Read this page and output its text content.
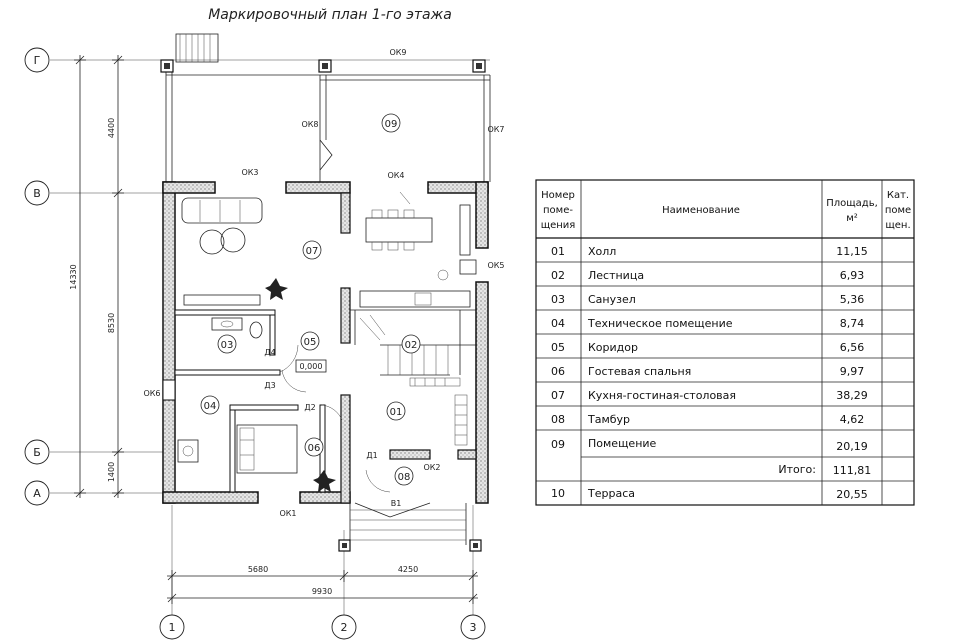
Маркировочный план 1-го этажа
Г
В
Б
А
1	2	3
4400
14330
8530
1400
5680	4250
9930
0,000
ОК9
ОК8
ОК7
ОК3	ОК4
ОК5
ОК6
ОК2
ОК1
Д1
Д2
Д3
Д4
В1
01
02
03
04
05
06
07
08
09
Номер
поме-
щения
Наименование
Площадь,
м²
Кат.
поме
щен.
01 Холл	11,15
02 Лестница	6,93
03 Санузел	5,36
04 Техническое помещение	8,74
05 Коридор	6,56
06 Гостевая спальня	9,97
07 Кухня-гостиная-столовая	38,29
08 Тамбур	4,62
09 Помещение	20,19
Итого: 111,81
10 Терраса	20,55
